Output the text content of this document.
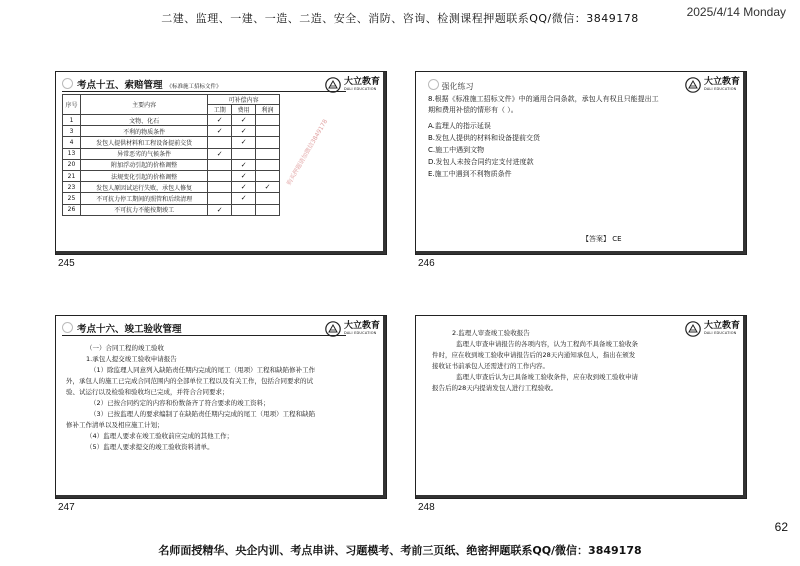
二建、监理、一建、一造、二造、安全、消防、咨询、检测课程押题联系QQ/微信：3849178	2025/4/14 Monday
考点十五、索赔管理 《标准施工招标文件》	大立教育
DALI EDUCATION
序号	主要内容	可补偿内容		
		工期	费用	利润
1	文物、化石	✓	✓	
3	不利的物质条件	✓	✓	
4	发包人提供材料和工程设备提前交货		✓	
13	异常恶劣的气候条件	✓		
20	附加浮动引起的价格调整		✓	
21	法规变化引起的价格调整		✓	
23	发包人原因试运行失败，承包人修复		✓	✓
25	不可抗力停工期间的照管和后续清理		✓	
26	不可抗力不能按期竣工	✓		
购买押题请加微信3849178
245
强化练习	大立教育
DALI EDUCATION
8.根据《标准施工招标文件》中的通用合同条款，承包人有权且只能提出工期和费用补偿的情形有（ ）。
A.监理人的指示延误
B.发包人提供的材料和设备提前交货
C.施工中遇到文物
D.发包人未按合同约定支付进度款
E.施工中遇到不利物质条件
【答案】 CE
246
考点十六、竣工验收管理	大立教育
DALI EDUCATION
（一）合同工程的竣工验收
1.承包人提交竣工验收申请报告
（1）除监理人同意列入缺陷责任期内完成的尾工（甩项）工程和缺陷修补工作外，承包人的施工已完成合同范围内的全部单位工程以及有关工作，包括合同要求的试验、试运行以及检验和验收均已完成，并符合合同要求；
（2）已按合同约定的内容和份数备齐了符合要求的竣工资料；
（3）已按监理人的要求编制了在缺陷责任期内完成的尾工（甩项）工程和缺陷修补工作清单以及相应施工计划；
（4）监理人要求在竣工验收前应完成的其他工作；
（5）监理人要求提交的竣工验收资料清单。
247
大立教育
DALI EDUCATION
2.监理人审查竣工验收报告
监理人审查申请报告的各项内容，认为工程尚不具备竣工验收条件时，应在收到竣工验收申请报告后的28天内通知承包人，指出在颁发接收证书前承包人还需进行的工作内容。
监理人审查后认为已具备竣工验收条件，应在收到竣工验收申请报告后的28天内提请发包人进行工程验收。
248
62
名师面授精华、央企内训、考点串讲、习题模考、考前三页纸、绝密押题联系QQ/微信：3849178
